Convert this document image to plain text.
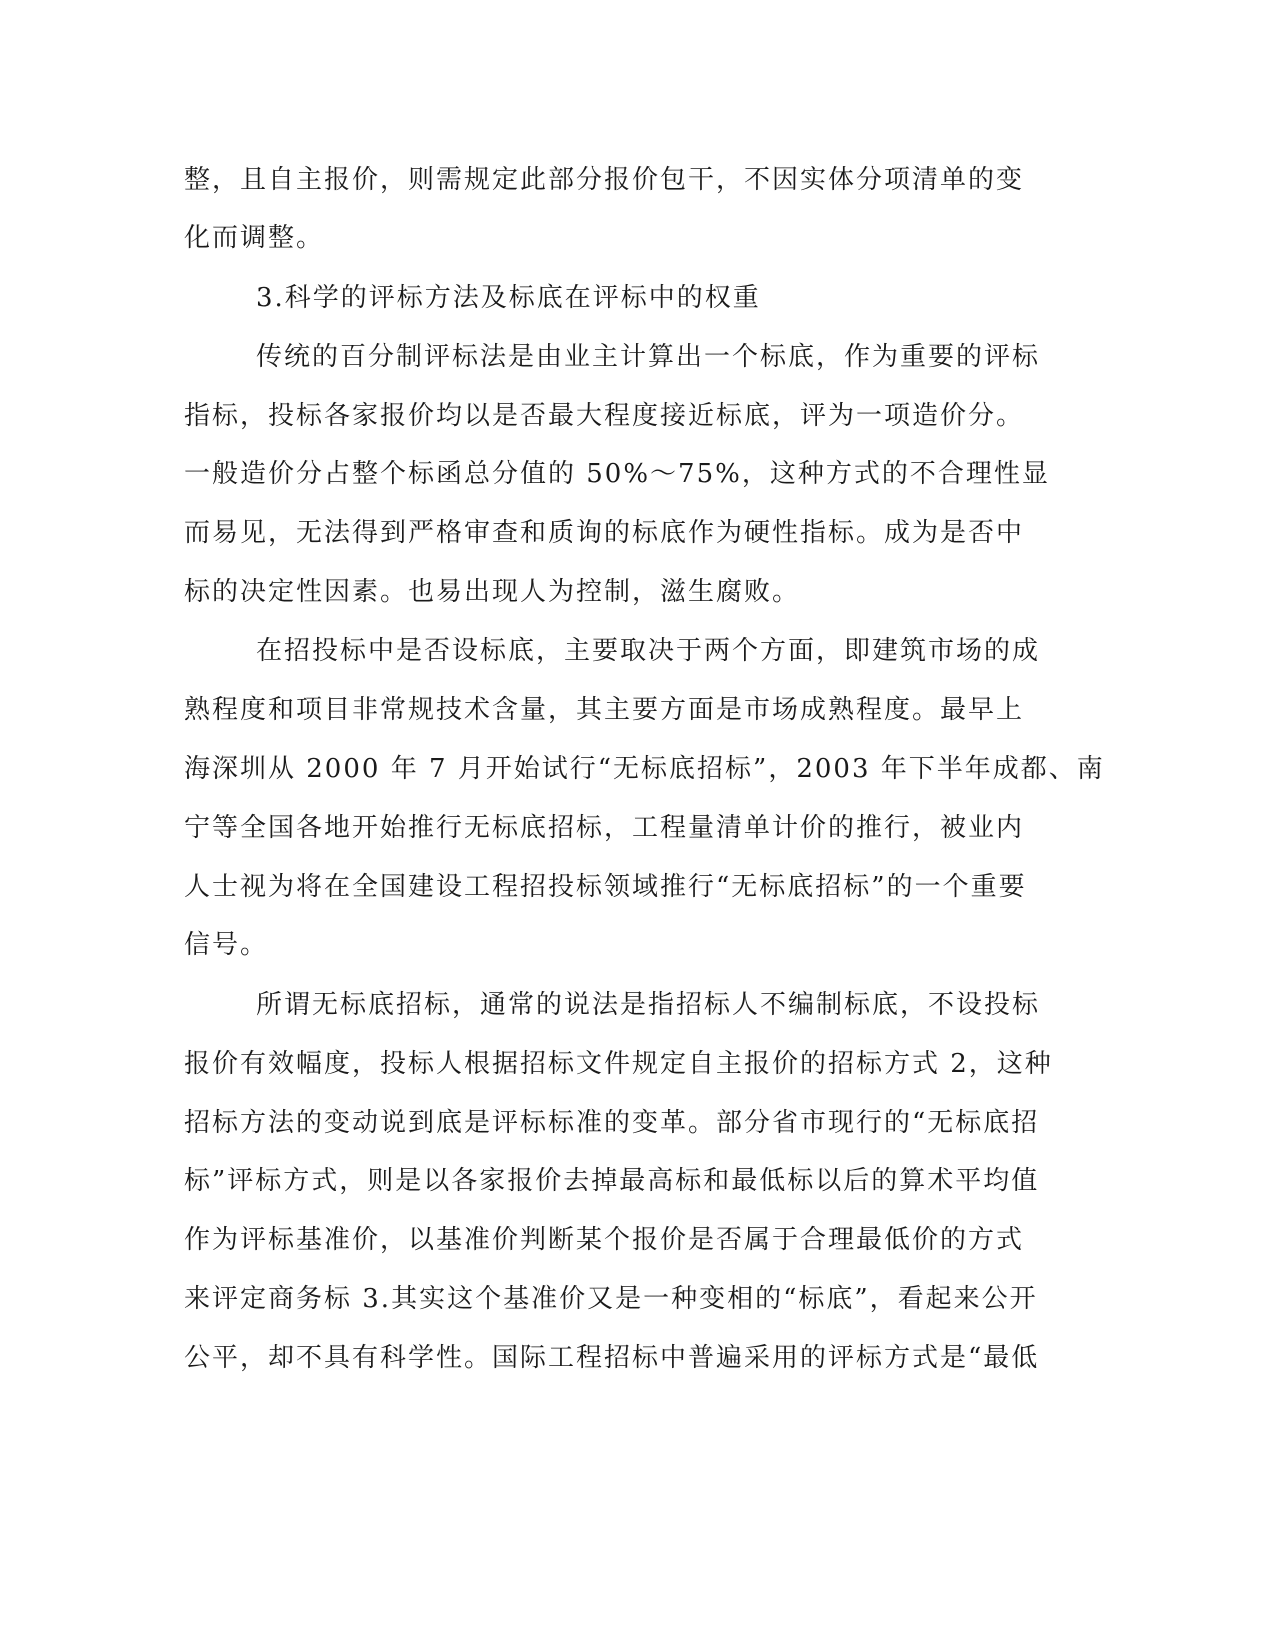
整，且自主报价，则需规定此部分报价包干，不因实体分项清单的变
化而调整。
3.科学的评标方法及标底在评标中的权重
传统的百分制评标法是由业主计算出一个标底，作为重要的评标
指标，投标各家报价均以是否最大程度接近标底，评为一项造价分。
一般造价分占整个标函总分值的 50%～75%，这种方式的不合理性显
而易见，无法得到严格审查和质询的标底作为硬性指标。成为是否中
标的决定性因素。也易出现人为控制，滋生腐败。
在招投标中是否设标底，主要取决于两个方面，即建筑市场的成
熟程度和项目非常规技术含量，其主要方面是市场成熟程度。最早上
海深圳从 2000 年 7 月开始试行“无标底招标”，2003 年下半年成都、南
宁等全国各地开始推行无标底招标，工程量清单计价的推行，被业内
人士视为将在全国建设工程招投标领域推行“无标底招标”的一个重要
信号。
所谓无标底招标，通常的说法是指招标人不编制标底，不设投标
报价有效幅度，投标人根据招标文件规定自主报价的招标方式 2，这种
招标方法的变动说到底是评标标准的变革。部分省市现行的“无标底招
标”评标方式，则是以各家报价去掉最高标和最低标以后的算术平均值
作为评标基准价，以基准价判断某个报价是否属于合理最低价的方式
来评定商务标 3.其实这个基准价又是一种变相的“标底”，看起来公开
公平，却不具有科学性。国际工程招标中普遍采用的评标方式是“最低
